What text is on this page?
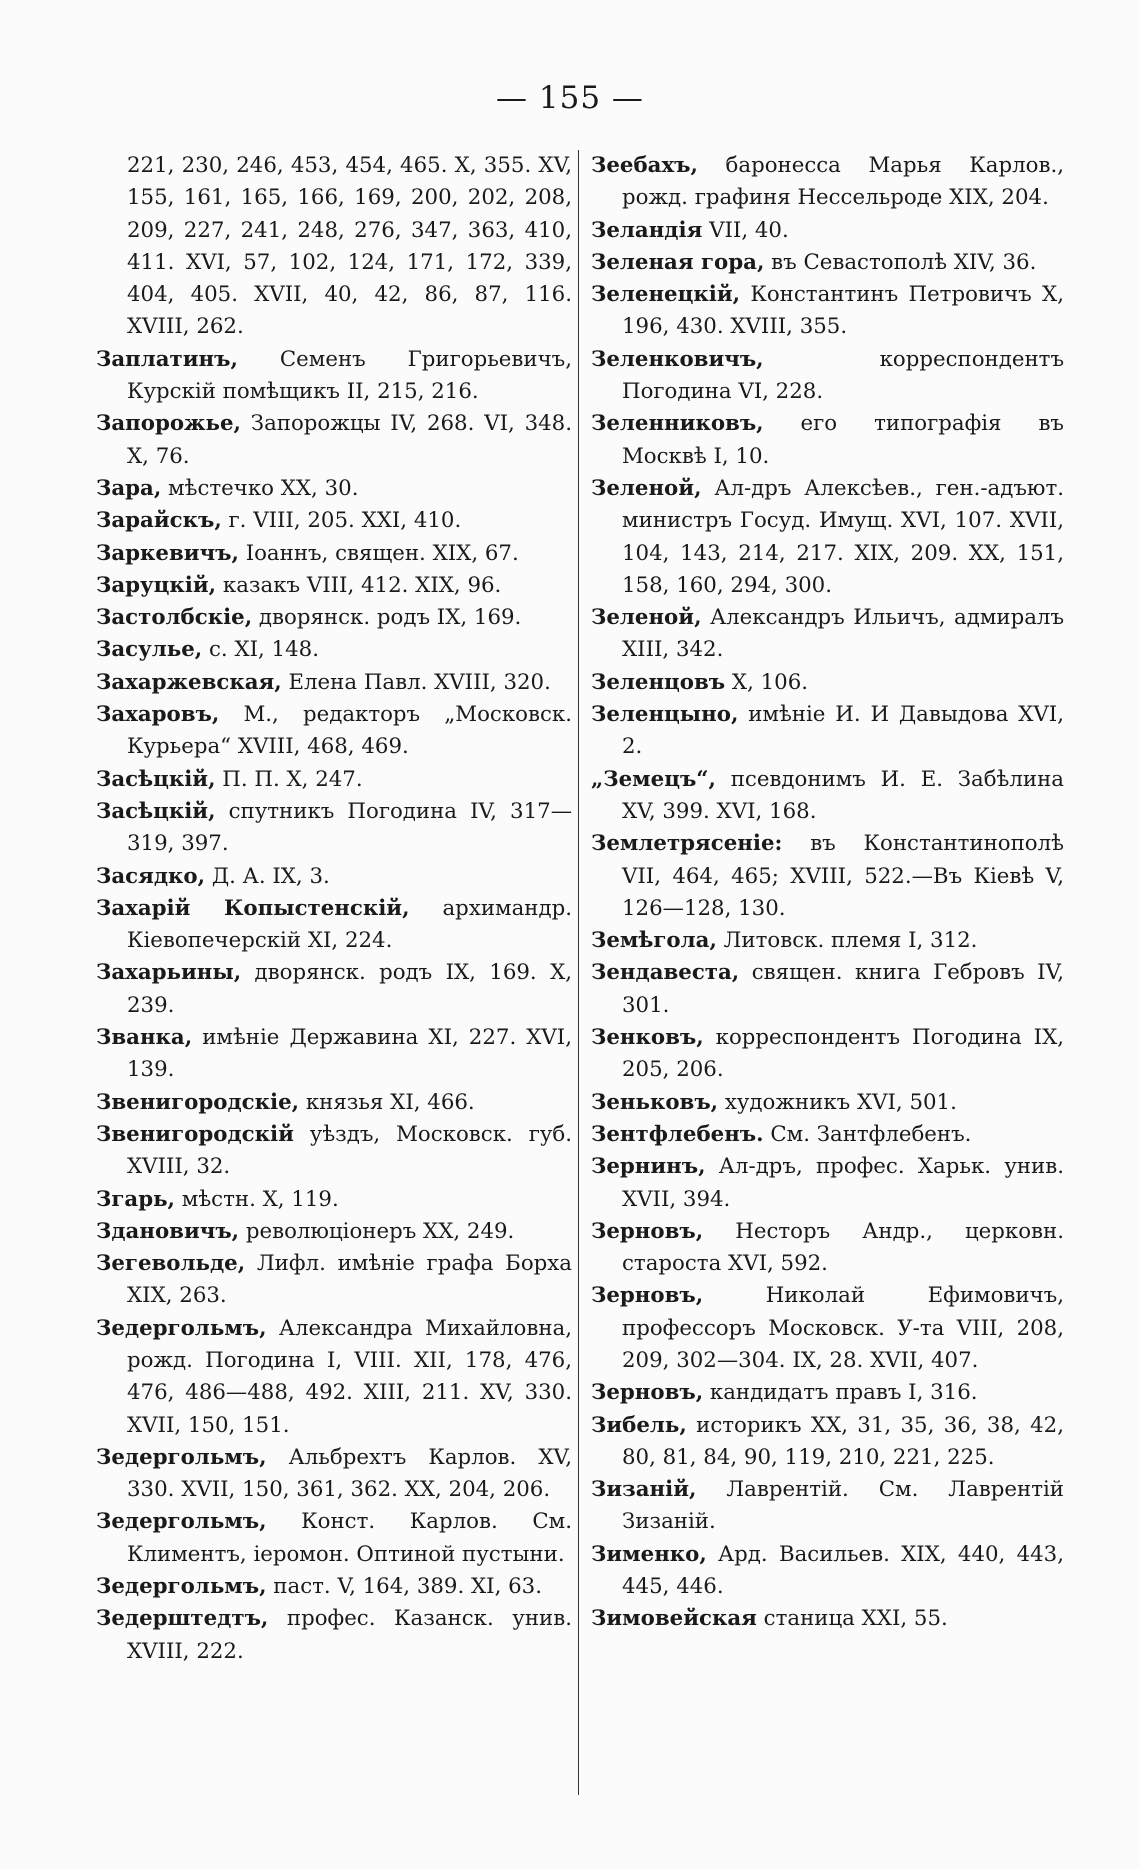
— 155 —
221, 230, 246, 453, 454, 465. X, 355. XV, 155, 161, 165, 166, 169, 200, 202, 208, 209, 227, 241, 248, 276, 347, 363, 410, 411. XVI, 57, 102, 124, 171, 172, 339, 404, 405. XVII, 40, 42, 86, 87, 116. XVIII, 262.
Заплатинъ, Семенъ Григорьевичъ, Курскій помѣщикъ II, 215, 216.
Запорожье, Запорожцы IV, 268. VI, 348. X, 76.
Зара, мѣстечко XX, 30.
Зарайскъ, г. VIII, 205. XXI, 410.
Заркевичъ, Іоаннъ, священ. XIX, 67.
Заруцкій, казакъ VIII, 412. XIX, 96.
Застолбскіе, дворянск. родъ IX, 169.
Засулье, с. XI, 148.
Захаржевская, Елена Павл. XVIII, 320.
Захаровъ, М., редакторъ „Московск. Курьера“ XVIII, 468, 469.
Засѣцкій, П. П. X, 247.
Засѣцкій, спутникъ Погодина IV, 317—319, 397.
Засядко, Д. А. IX, 3.
Захарій Копыстенскій, архимандр. Кіевопечерскій XI, 224.
Захарьины, дворянск. родъ IX, 169. X, 239.
Званка, имѣніе Державина XI, 227. XVI, 139.
Звенигородскіе, князья XI, 466.
Звенигородскій уѣздъ, Московск. губ. XVIII, 32.
Згарь, мѣстн. X, 119.
Здановичъ, революціонеръ XX, 249.
Зегевольде, Лифл. имѣніе графа Борха XIX, 263.
Зедергольмъ, Александра Михайловна, рожд. Погодина I, VIII. XII, 178, 476, 476, 486—488, 492. XIII, 211. XV, 330. XVII, 150, 151.
Зедергольмъ, Альбрехтъ Карлов. XV, 330. XVII, 150, 361, 362. XX, 204, 206.
Зедергольмъ, Конст. Карлов. См. Климентъ, іеромон. Оптиной пустыни.
Зедергольмъ, паст. V, 164, 389. XI, 63.
Зедерштедтъ, профес. Казанск. унив. XVIII, 222.
Зеебахъ, баронесса Марья Карлов., рожд. графиня Нессельроде XIX, 204.
Зеландія VII, 40.
Зеленая гора, въ Севастополѣ XIV, 36.
Зеленецкій, Константинъ Петровичъ X, 196, 430. XVIII, 355.
Зеленковичъ, корреспондентъ Погодина VI, 228.
Зеленниковъ, его типографія въ Москвѣ I, 10.
Зеленой, Ал-дръ Алексѣев., ген.-адъют. министръ Госуд. Имущ. XVI, 107. XVII, 104, 143, 214, 217. XIX, 209. XX, 151, 158, 160, 294, 300.
Зеленой, Александръ Ильичъ, адмиралъ XIII, 342.
Зеленцовъ X, 106.
Зеленцыно, имѣніе И. И Давыдова XVI, 2.
„Земецъ“, псевдонимъ И. Е. Забѣлина XV, 399. XVI, 168.
Землетрясеніе: въ Константинополѣ VII, 464, 465; XVIII, 522.—Въ Кіевѣ V, 126—128, 130.
Земѣгола, Литовск. племя I, 312.
Зендавеста, священ. книга Гебровъ IV, 301.
Зенковъ, корреспондентъ Погодина IX, 205, 206.
Зеньковъ, художникъ XVI, 501.
Зентфлебенъ. См. Зантфлебенъ.
Зернинъ, Ал-дръ, профес. Харьк. унив. XVII, 394.
Зерновъ, Несторъ Андр., церковн. староста XVI, 592.
Зерновъ, Николай Ефимовичъ, профессоръ Московск. У-та VIII, 208, 209, 302—304. IX, 28. XVII, 407.
Зерновъ, кандидатъ правъ I, 316.
Зибель, историкъ XX, 31, 35, 36, 38, 42, 80, 81, 84, 90, 119, 210, 221, 225.
Зизаній, Лаврентій. См. Лаврентій Зизаній.
Зименко, Ард. Васильев. XIX, 440, 443, 445, 446.
Зимовейская станица XXI, 55.
